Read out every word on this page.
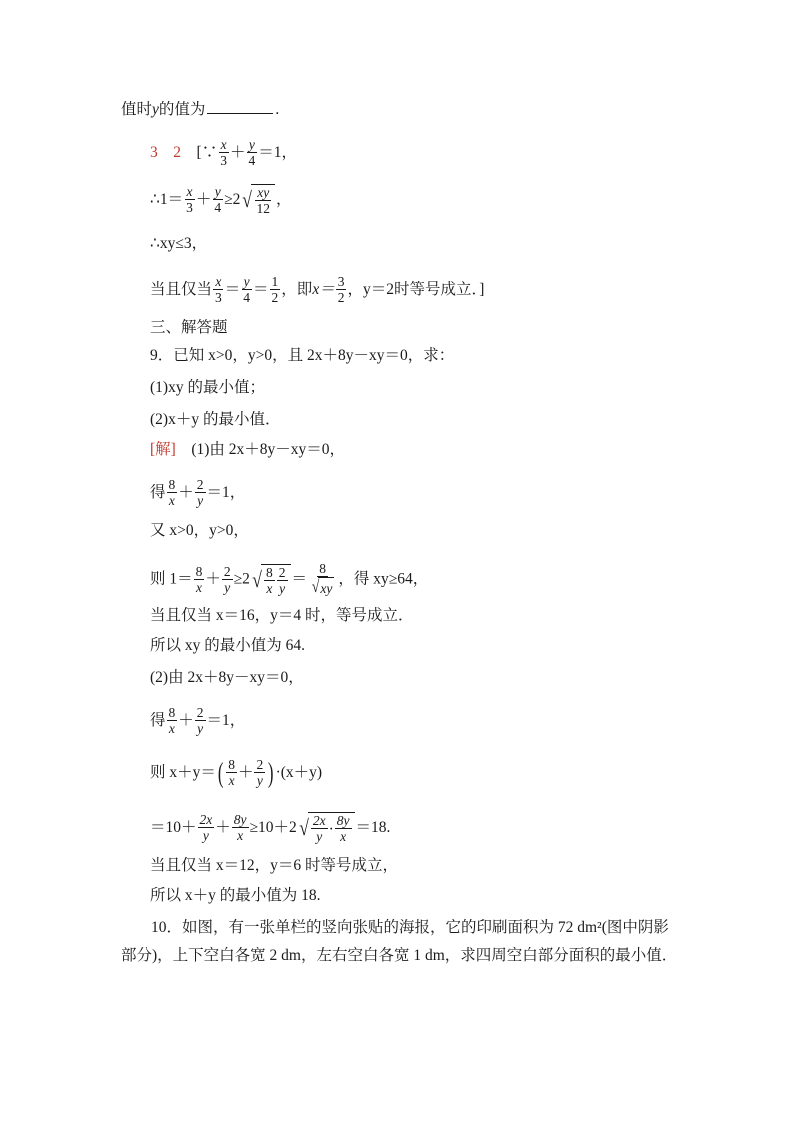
值时y的值为	.
3　2　 [∵ $\frac{x}{3} + \frac{y}{4} =1$，
∴1＝ $\frac{x}{3} + \frac{y}{4} \ge 2$ √ $\frac{xy}{12}$ ，
∴xy≤3，
当且仅当 $\frac{x}{3} = \frac{y}{4} = \frac{1}{2}$ ，即$x= \frac{3}{2}$ ，y＝2时等号成立．]
三、解答题
9．已知 x>0，y>0，且 2x＋8y－xy＝0，求：
(1)xy 的最小值；
(2)x＋y 的最小值．
[解]　(1)由 2x＋8y－xy＝0，
得 $\frac{8}{x} + \frac{2}{y} =1$，
又 x>0，y>0，
则 $1= \frac{8}{x} + \frac{2}{y} \ge 2$ √ $\frac{8}{x} \frac{2}{y} = \frac{8}{√ xy}$ ，得 xy≥64，
当且仅当 x＝16，y＝4 时，等号成立．
所以 xy 的最小值为 64.
(2)由 2x＋8y－xy＝0，
得 $\frac{8}{x} + \frac{2}{y} =1$，
则 $x+y=( \frac{8}{x} + \frac{2}{y}$ ) ·(x＋y)
$=10+ \frac{2x}{y} + \frac{8y}{x} \ge 10+2$ √ $\frac{2x}{y} \cdot \frac{8y}{x} =18$.
当且仅当 x＝12，y＝6 时等号成立，
所以 x＋y 的最小值为 18.
10．如图，有一张单栏的竖向张贴的海报，它的印刷面积为 72 dm²(图中阴影部分)，上下空白各宽 2 dm，左右空白各宽 1 dm，求四周空白部分面积的最小值．
